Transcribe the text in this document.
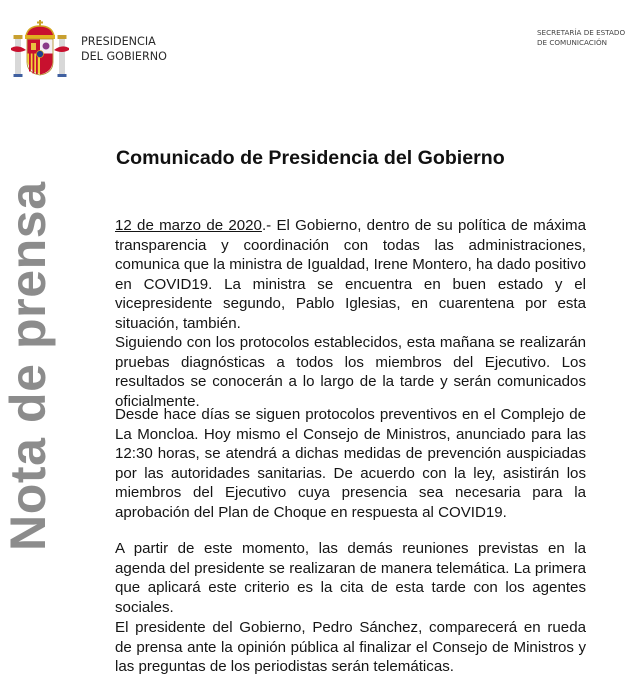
PRESIDENCIA
DEL GOBIERNO
SECRETARÍA DE ESTADO
DE COMUNICACIÓN
Nota de prensa
Comunicado de Presidencia del Gobierno

12 de marzo de 2020.- El Gobierno, dentro de su política de máxima transparencia y coordinación con todas las administraciones, comunica que la ministra de Igualdad, Irene Montero, ha dado positivo en COVID19. La ministra se encuentra en buen estado y el vicepresidente segundo, Pablo Iglesias, en cuarentena por esta situación, también.

Siguiendo con los protocolos establecidos, esta mañana se realizarán pruebas diagnósticas a todos los miembros del Ejecutivo. Los resultados se conocerán a lo largo de la tarde y serán comunicados oficialmente.

Desde hace días se siguen protocolos preventivos en el Complejo de La Moncloa. Hoy mismo el Consejo de Ministros, anunciado para las 12:30 horas, se atendrá a dichas medidas de prevención auspiciadas por las autoridades sanitarias. De acuerdo con la ley, asistirán los miembros del Ejecutivo cuya presencia sea necesaria para la aprobación del Plan de Choque en respuesta al COVID19.

A partir de este momento, las demás reuniones previstas en la agenda del presidente se realizaran de manera telemática. La primera que aplicará este criterio es la cita de esta tarde con los agentes sociales.

El presidente del Gobierno, Pedro Sánchez, comparecerá en rueda de prensa ante la opinión pública al finalizar el Consejo de Ministros y las preguntas de los periodistas serán telemáticas.
